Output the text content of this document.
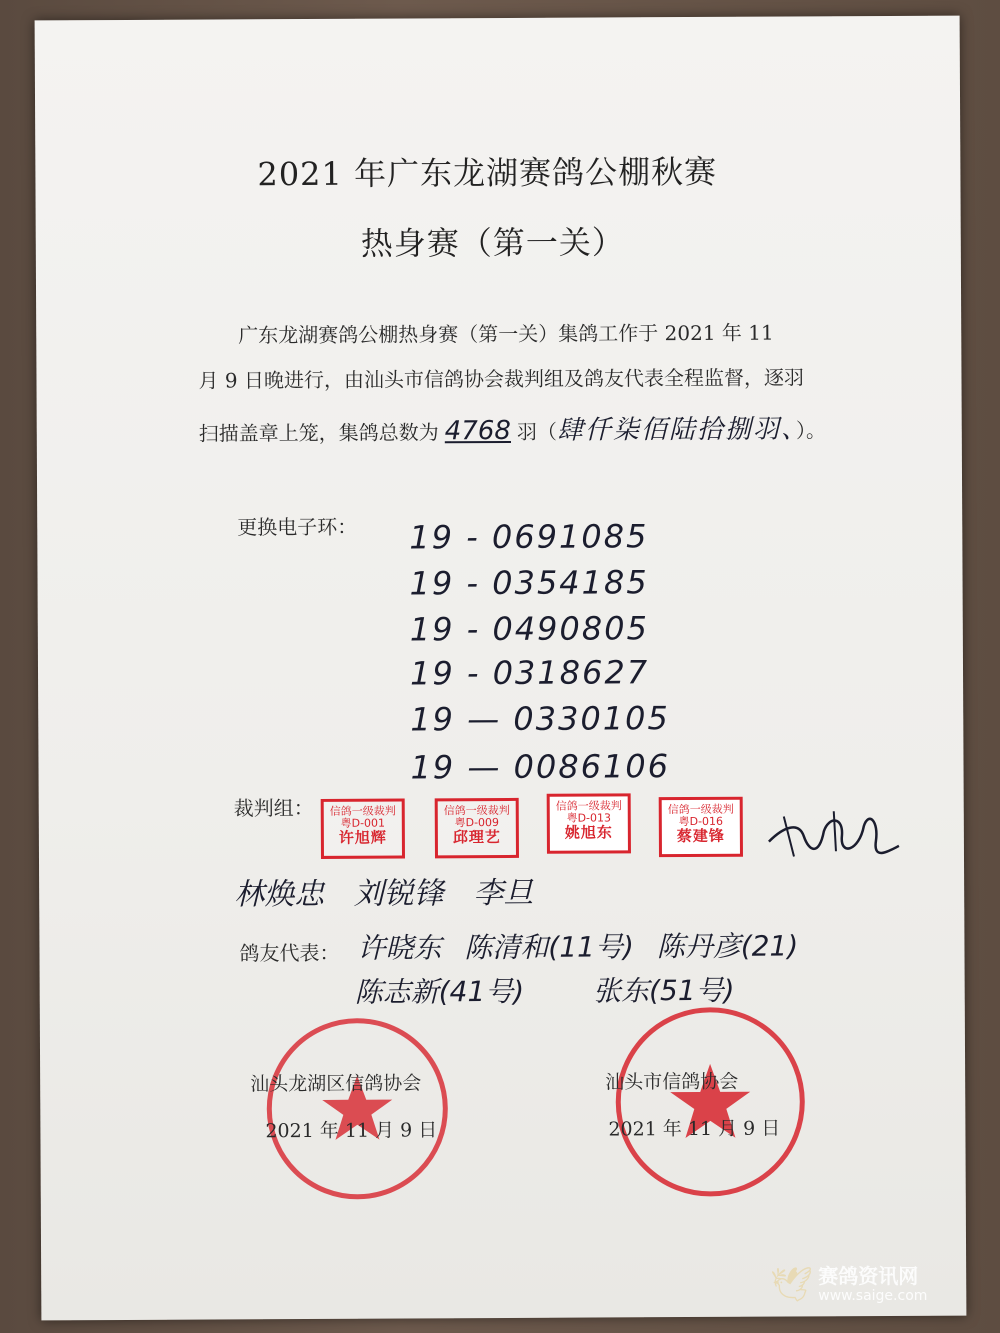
2021 年广东龙湖赛鸽公棚秋赛
热身赛（第一关）
广东龙湖赛鸽公棚热身赛（第一关）集鸽工作于 2021 年 11
月 9 日晚进行，由汕头市信鸽协会裁判组及鸽友代表全程监督，逐羽
扫描盖章上笼，集鸽总数为 4768 羽（肆仟柒佰陆拾捌羽、）。
更换电子环： 19 - 0691085
19 - 0354185
19 - 0490805
19 - 0318627
19 — 0330105
19 — 0086106
裁判组：	信鸽一级裁判
粤D-001
许旭辉
信鸽一级裁判
粤D-009
邱理艺
信鸽一级裁判
粤D-013
姚旭东
信鸽一级裁判
粤D-016
蔡建锋
林焕忠 刘锐锋 李旦
鸽友代表： 许晓东 陈清和(11号) 陈丹彦(21)
陈志新(41号) 张东(51号)
汕头龙湖区信鸽协会
2021 年 11 月 9 日
汕头市信鸽协会
2021 年 11 月 9 日
🕊 赛鸽资讯网
www.saige.com
